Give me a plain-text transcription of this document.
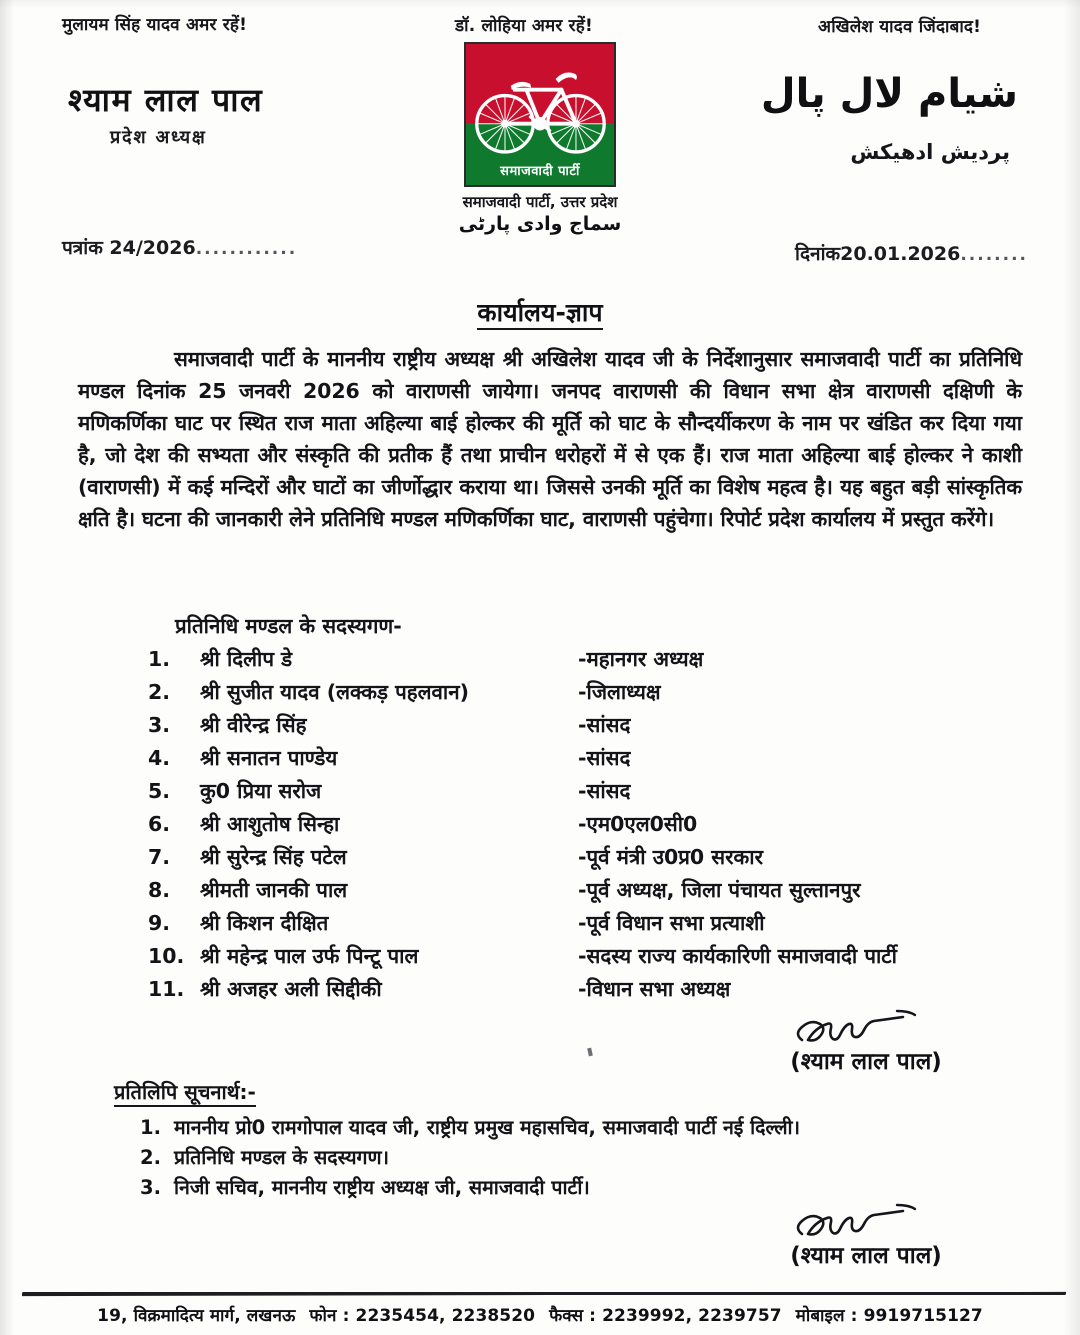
मुलायम सिंह यादव अमर रहें!	डॉ. लोहिया अमर रहें!	अखिलेश यादव जिंदाबाद!
श्याम लाल पाल
प्रदेश अध्यक्ष
شیام لال پال
پردیش ادھیکش
समाजवादी पार्टी
समाजवादी पार्टी, उत्तर प्रदेश
سماج وادی پارٹی
पत्रांक 24/2026............	दिनांक20.01.2026........
कार्यालय-ज्ञाप
समाजवादी पार्टी के माननीय राष्ट्रीय अध्यक्ष श्री अखिलेश यादव जी के निर्देशानुसार समाजवादी पार्टी का प्रतिनिधि मण्डल दिनांक 25 जनवरी 2026 को वाराणसी जायेगा। जनपद वाराणसी की विधान सभा क्षेत्र वाराणसी दक्षिणी के मणिकर्णिका घाट पर स्थित राज माता अहिल्या बाई होल्कर की मूर्ति को घाट के सौन्दर्यीकरण के नाम पर खंडित कर दिया गया है, जो देश की सभ्यता और संस्कृति की प्रतीक हैं तथा प्राचीन धरोहरों में से एक हैं। राज माता अहिल्या बाई होल्कर ने काशी (वाराणसी) में कई मन्दिरों और घाटों का जीर्णोद्धार कराया था। जिससे उनकी मूर्ति का विशेष महत्व है। यह बहुत बड़ी सांस्कृतिक क्षति है। घटना की जानकारी लेने प्रतिनिधि मण्डल मणिकर्णिका घाट, वाराणसी पहुंचेगा। रिपोर्ट प्रदेश कार्यालय में प्रस्तुत करेंगे।
प्रतिनिधि मण्डल के सदस्यगण-
1.	श्री दिलीप डे	-महानगर अध्यक्ष
2.	श्री सुजीत यादव (लक्कड़ पहलवान)	-जिलाध्यक्ष
3.	श्री वीरेन्द्र सिंह	-सांसद
4.	श्री सनातन पाण्डेय	-सांसद
5.	कु0 प्रिया सरोज	-सांसद
6.	श्री आशुतोष सिन्हा	-एम0एल0सी0
7.	श्री सुरेन्द्र सिंह पटेल	-पूर्व मंत्री उ0प्र0 सरकार
8.	श्रीमती जानकी पाल	-पूर्व अध्यक्ष, जिला पंचायत सुल्तानपुर
9.	श्री किशन दीक्षित	-पूर्व विधान सभा प्रत्याशी
10. श्री महेन्द्र पाल उर्फ पिन्टू पाल	-सदस्य राज्य कार्यकारिणी समाजवादी पार्टी
11. श्री अजहर अली सिद्दीकी	-विधान सभा अध्यक्ष
(श्याम लाल पाल)
प्रतिलिपि सूचनार्थ:-
1. माननीय प्रो0 रामगोपाल यादव जी, राष्ट्रीय प्रमुख महासचिव, समाजवादी पार्टी नई दिल्ली।
2. प्रतिनिधि मण्डल के सदस्यगण।
3. निजी सचिव, माननीय राष्ट्रीय अध्यक्ष जी, समाजवादी पार्टी।
(श्याम लाल पाल)
19, विक्रमादित्य मार्ग, लखनऊ फोन : 2235454, 2238520 फैक्स : 2239992, 2239757 मोबाइल : 9919715127
